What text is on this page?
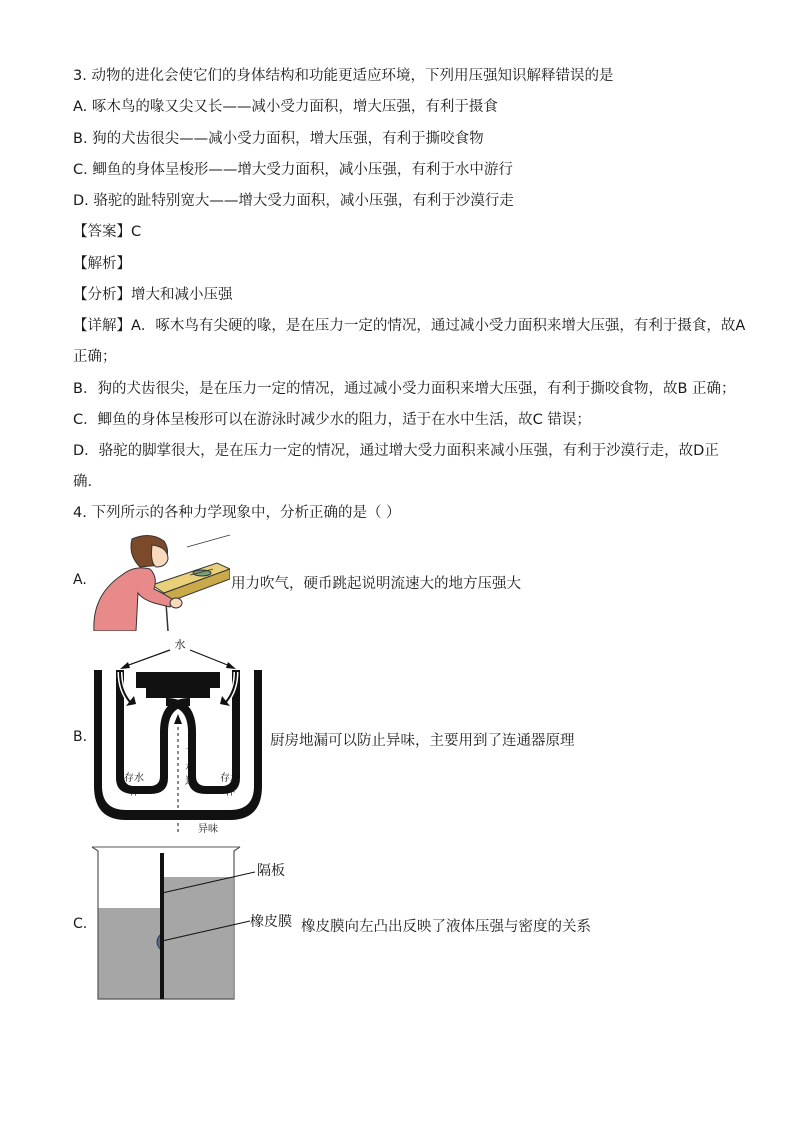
3. 动物的进化会使它们的身体结构和功能更适应环境，下列用压强知识解释错误的是
A. 啄木鸟的喙又尖又长——减小受力面积，增大压强，有利于摄食
B. 狗的犬齿很尖——减小受力面积，增大压强，有利于撕咬食物
C. 鲫鱼的身体呈梭形——增大受力面积，减小压强，有利于水中游行
D. 骆驼的趾特别宽大——增大受力面积，减小压强，有利于沙漠行走
【答案】C
【解析】
【分析】增大和减小压强
【详解】A．啄木鸟有尖硬的喙，是在压力一定的情况，通过减小受力面积来增大压强，有利于摄食，故A
正确；
B．狗的犬齿很尖，是在压力一定的情况，通过减小受力面积来增大压强，有利于撕咬食物，故B 正确；
C．鲫鱼的身体呈梭形可以在游泳时减少水的阻力，适于在水中生活，故C 错误；
D．骆驼的脚掌很大，是在压力一定的情况，通过增大受力面积来减小压强，有利于沙漠行走，故D正
确．
4. 下列所示的各种力学现象中，分析正确的是（ ）
A.	用力吹气，硬币跳起说明流速大的地方压强大
B.
水
存水
杯
存水
杯
下
水
道
异味
厨房地漏可以防止异味，主要用到了连通器原理
C.
隔板
橡皮膜 橡皮膜向左凸出反映了液体压强与密度的关系
